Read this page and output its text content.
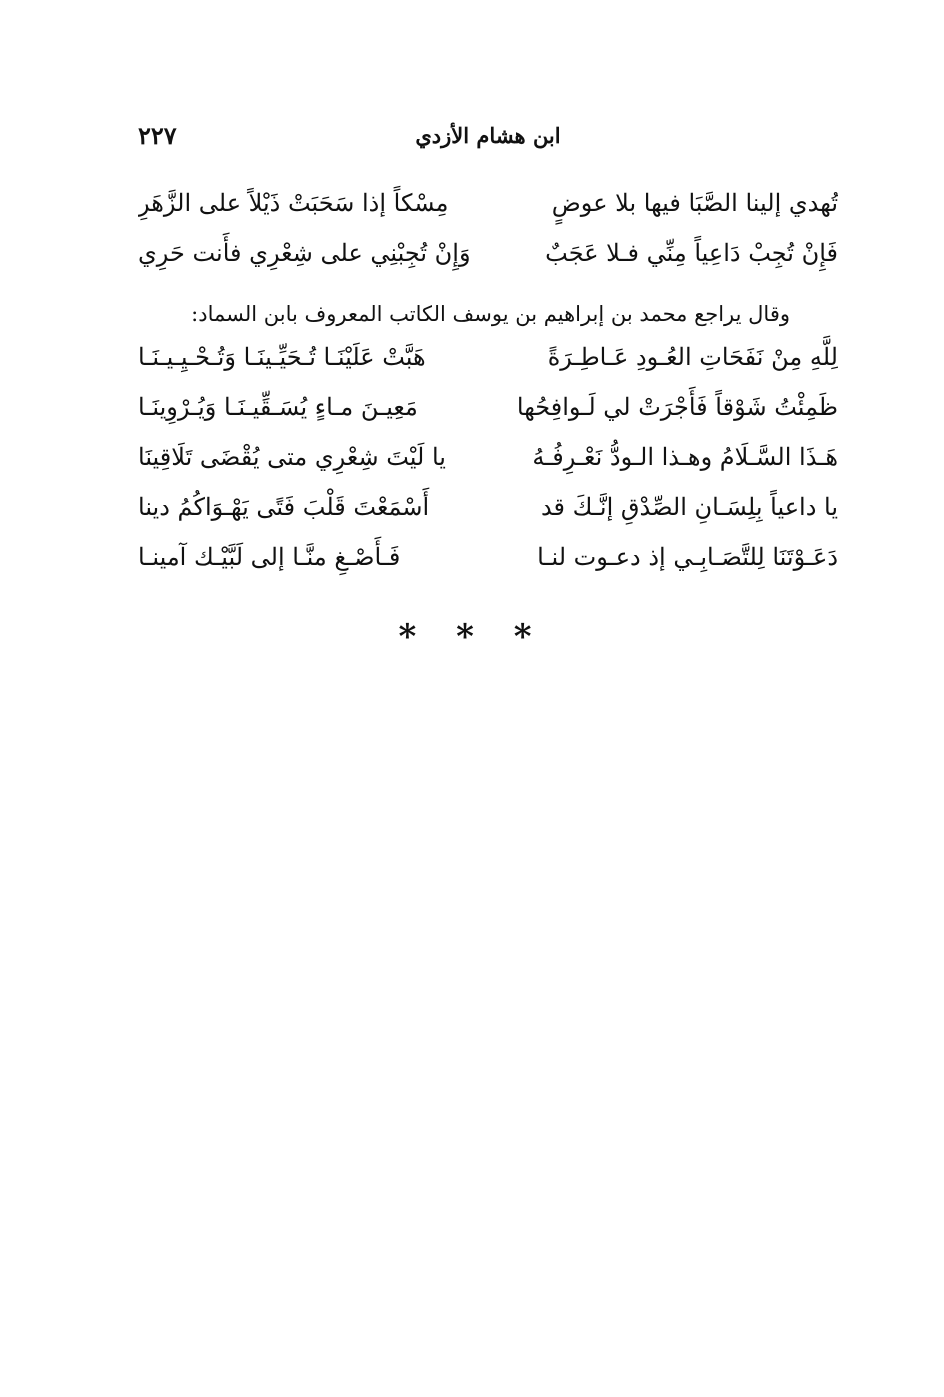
ابن هشام الأزدي
٢٢٧
تُهدي إلينا الصَّبَا فيها بلا عوضٍ
مِسْكاً إذا سَحَبَتْ ذَيْلاً على الزَّهَرِ
فَإِنْ تُجِبْ دَاعِياً مِنِّي فـلا عَجَبٌ
وَإِنْ تُجِبْنِي على شِعْرِي فأَنت حَرِي
وقال يراجع محمد بن إبراهيم بن يوسف الكاتب المعروف بابن السماد:
لِلَّهِ مِنْ نَفَحَاتِ العُـودِ عَـاطِـرَةً
هَبَّتْ عَلَيْنَـا تُـحَيِّـينَـا وَتُـحْـيِـيـنَـا
ظَمِئْتُ شَوْقاً فَأَجْرَتْ لي لَـوافِحُها
مَعِيـنَ مـاءٍ يُسَـقِّيـنَـا وَيُـرْوِينَـا
هَـذَا السَّـلَامُ وهـذا الـودُّ نَعْـرِفُـهُ
يا لَيْتَ شِعْرِي متى يُقْضَى تَلَاقِينَا
يا داعياً بِلِسَـانِ الصِّدْقِ إنَّـكَ قد
أَسْمَعْتَ قَلْبَ فَتًى يَهْـوَاكُمُ دينا
دَعَـوْتَنَا لِلتَّصَـابِـي إذ دعـوت لنـا
فَـأَصْـغِ منَّـا إلى لَبَّيْـك آمينـا
* * *
